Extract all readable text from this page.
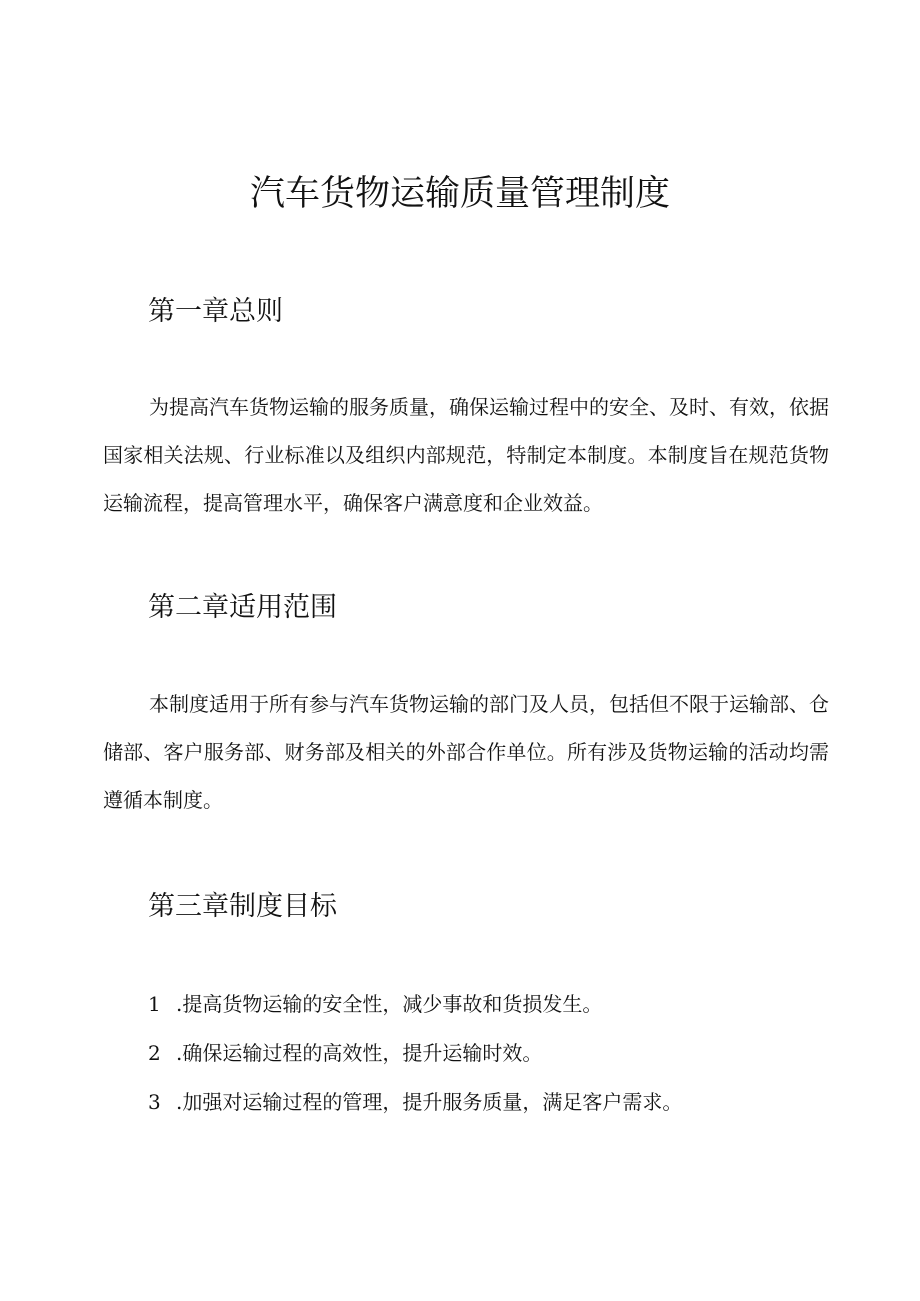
汽车货物运输质量管理制度
第一章总则

为提高汽车货物运输的服务质量，确保运输过程中的安全、及时、有效，依据国家相关法规、行业标准以及组织内部规范，特制定本制度。本制度旨在规范货物运输流程，提高管理水平，确保客户满意度和企业效益。

第二章适用范围

本制度适用于所有参与汽车货物运输的部门及人员，包括但不限于运输部、仓储部、客户服务部、财务部及相关的外部合作单位。所有涉及货物运输的活动均需遵循本制度。

第三章制度目标
1 .提高货物运输的安全性，减少事故和货损发生。
2 .确保运输过程的高效性，提升运输时效。
3 .加强对运输过程的管理，提升服务质量，满足客户需求。
